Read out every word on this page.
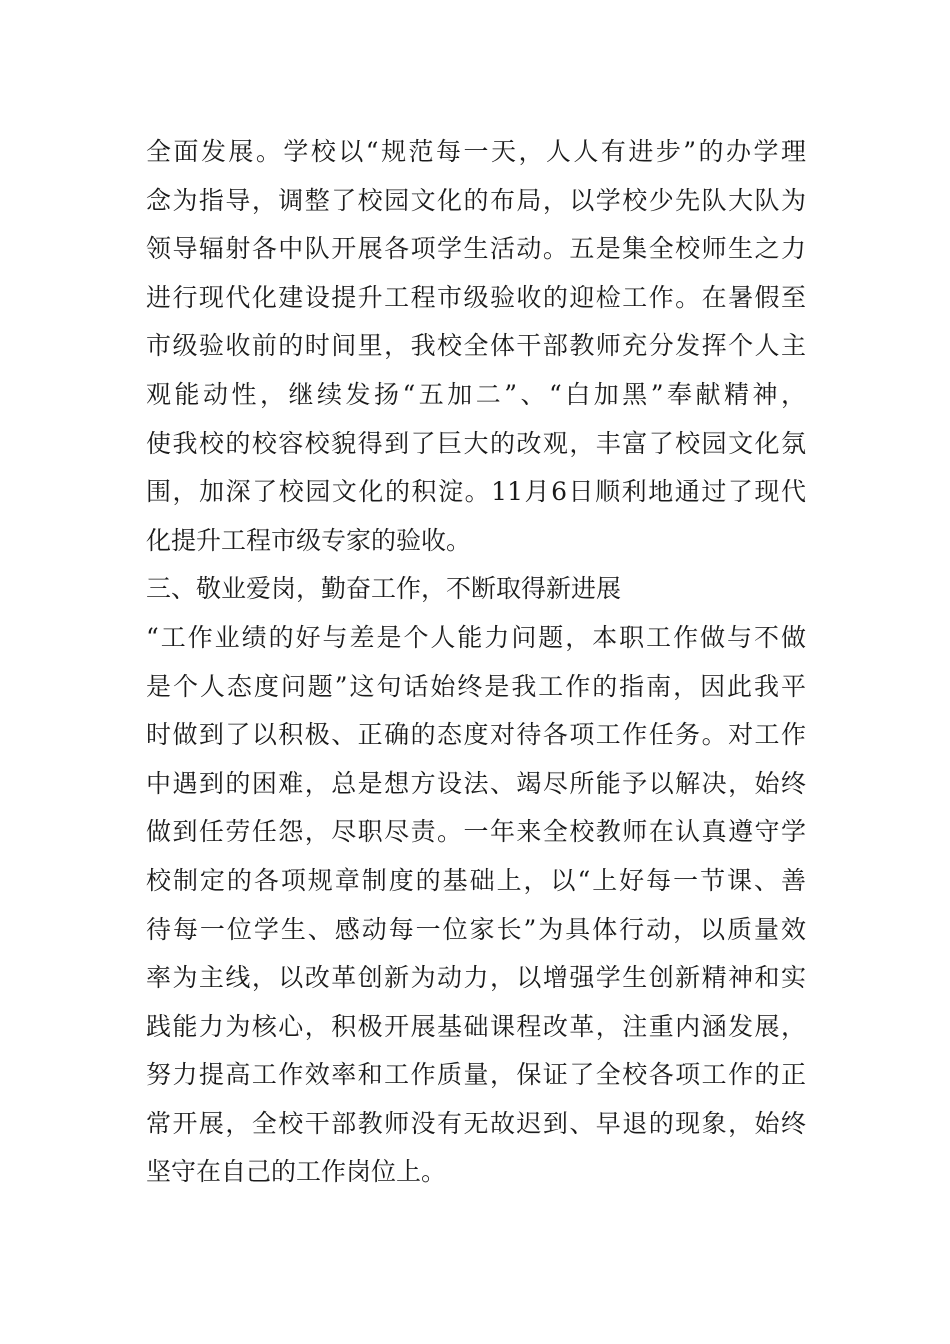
全面发展。学校以“规范每一天，人人有进步”的办学理
念为指导，调整了校园文化的布局，以学校少先队大队为
领导辐射各中队开展各项学生活动。五是集全校师生之力
进行现代化建设提升工程市级验收的迎检工作。在暑假至
市级验收前的时间里，我校全体干部教师充分发挥个人主
观能动性，继续发扬“五加二”、“白加黑”奉献精神，
使我校的校容校貌得到了巨大的改观，丰富了校园文化氛
围，加深了校园文化的积淀。11月6日顺利地通过了现代
化提升工程市级专家的验收。
三、敬业爱岗，勤奋工作，不断取得新进展
“工作业绩的好与差是个人能力问题，本职工作做与不做
是个人态度问题”这句话始终是我工作的指南，因此我平
时做到了以积极、正确的态度对待各项工作任务。对工作
中遇到的困难，总是想方设法、竭尽所能予以解决，始终
做到任劳任怨，尽职尽责。一年来全校教师在认真遵守学
校制定的各项规章制度的基础上，以“上好每一节课、善
待每一位学生、感动每一位家长”为具体行动，以质量效
率为主线，以改革创新为动力，以增强学生创新精神和实
践能力为核心，积极开展基础课程改革，注重内涵发展，
努力提高工作效率和工作质量，保证了全校各项工作的正
常开展，全校干部教师没有无故迟到、早退的现象，始终
坚守在自己的工作岗位上。
